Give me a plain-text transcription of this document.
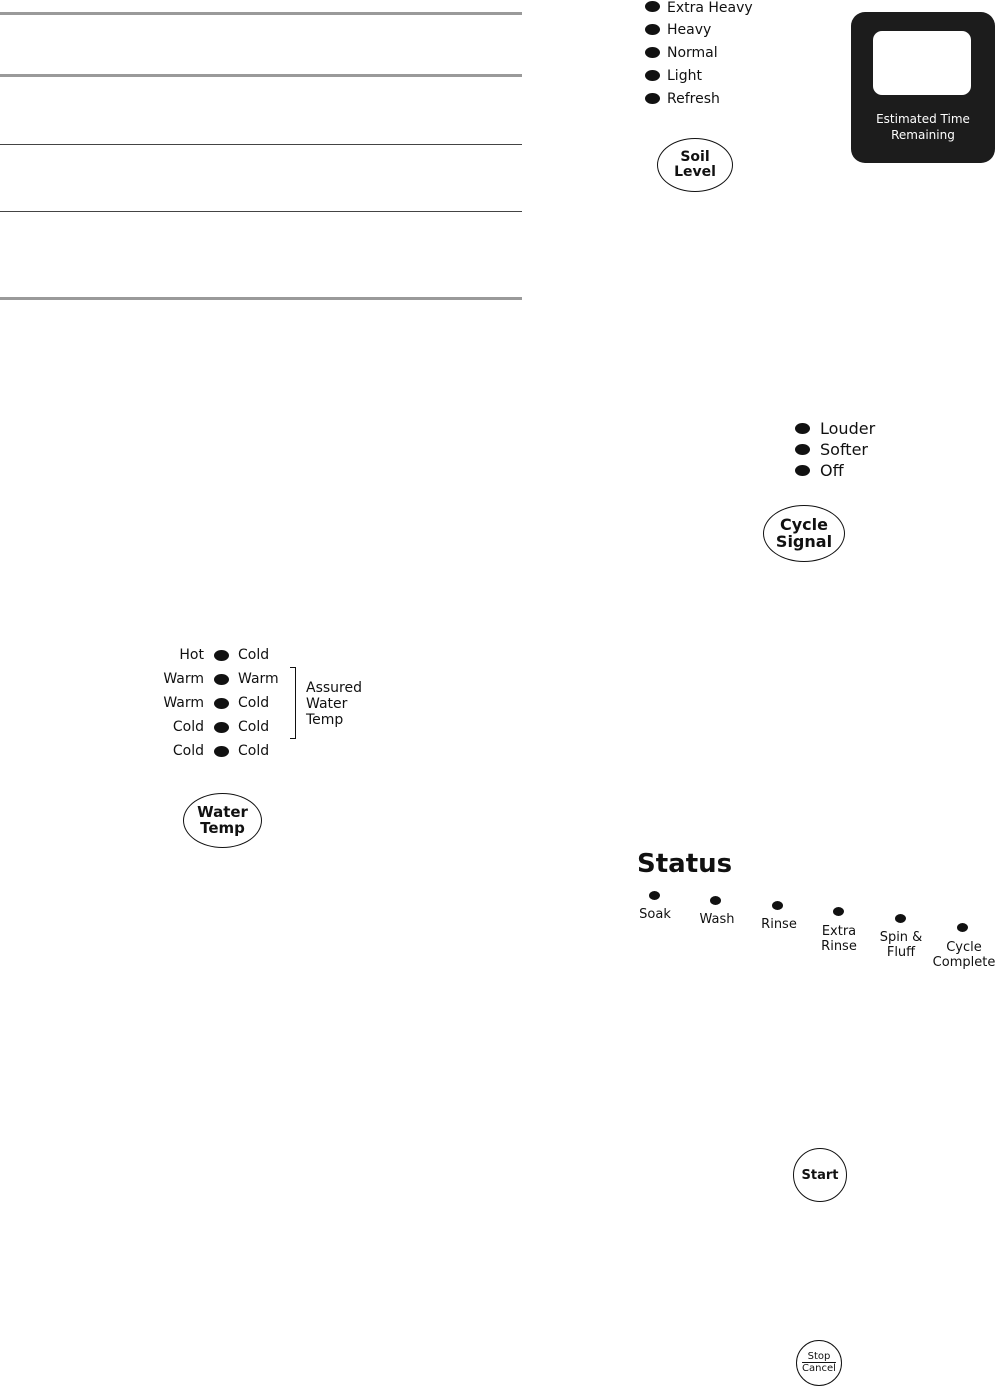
Extra Heavy
Heavy
Normal
Light
Refresh
Soil
Level
Estimated Time
Remaining
Louder
Softer
Off
Cycle
Signal
Hot Cold
Warm Warm
Warm Cold
Cold Cold
Cold Cold
Assured
Water
Temp
Water
Temp
Status
Soak	Wash	Rinse	Extra
Rinse
Spin &
Fluff	Cycle
Complete
Start
Stop
Cancel
